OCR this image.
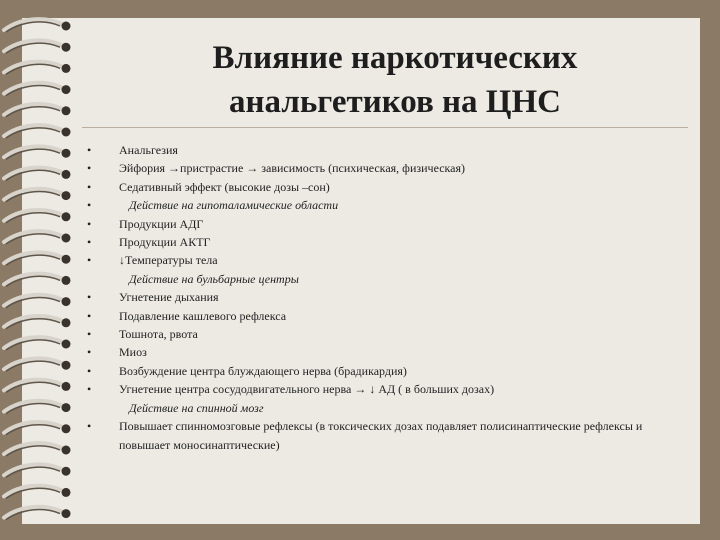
Влияние наркотических
анальгетиков на ЦНС
•	Анальгезия
•	Эйфория →пристрастие → зависимость (психическая, физическая)
•	Седативный эффект (высокие дозы –сон)
•	Действие на гипоталамические области
•	Продукции АДГ
•	Продукции АКТГ
•	↓Температуры тела
Действие на бульбарные центры
•	Угнетение дыхания
•	Подавление кашлевого рефлекса
•	Тошнота, рвота
•	Миоз
•	Возбуждение центра блуждающего нерва (брадикардия)
•	Угнетение центра сосудодвигательного нерва → ↓ АД ( в больших дозах)
Действие на спинной мозг
•	Повышает спинномозговые рефлексы (в токсических дозах подавляет полисинаптические рефлексы и повышает моносинаптические)
